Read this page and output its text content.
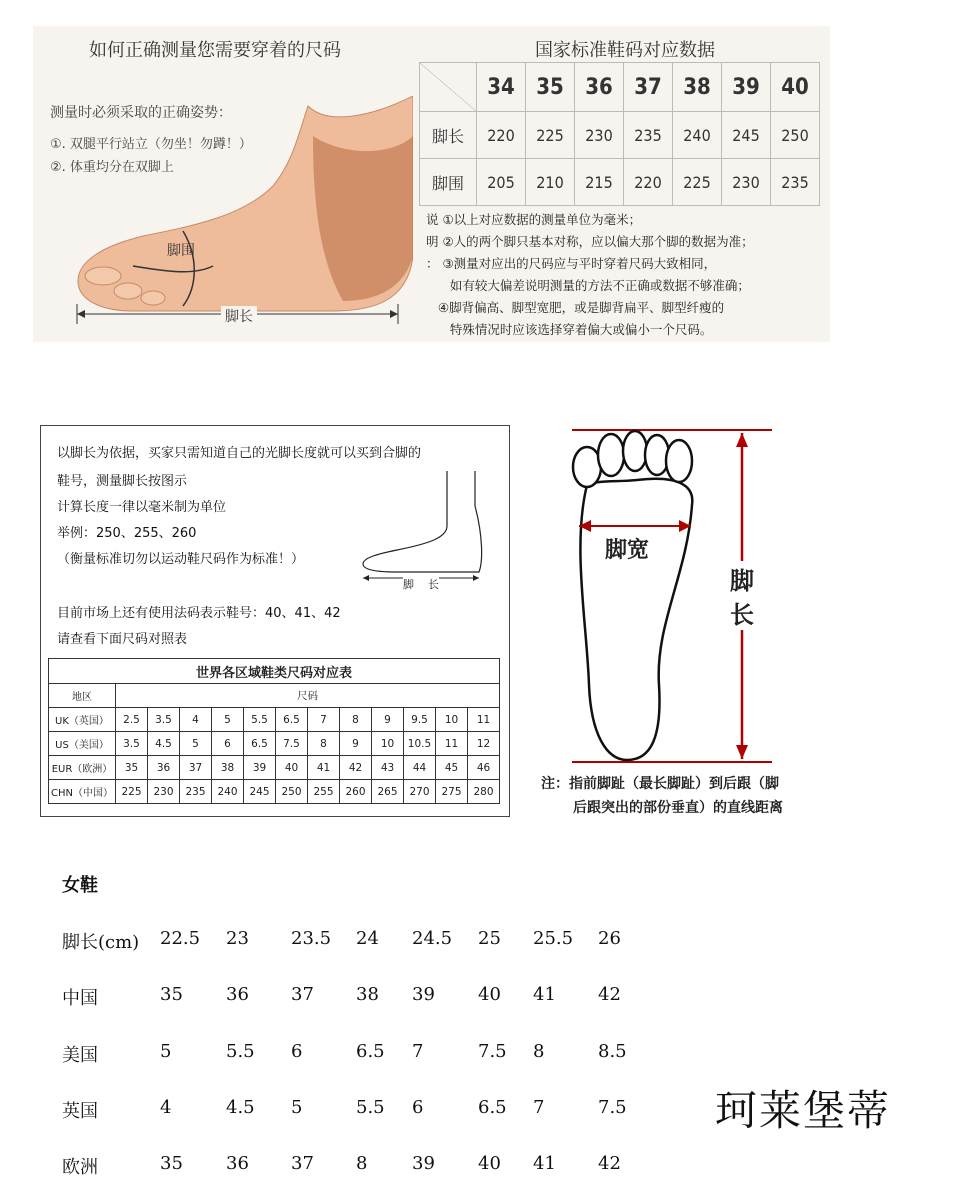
如何正确测量您需要穿着的尺码
测量时必须采取的正确姿势：
①. 双腿平行站立（勿坐！勿蹲！）
②. 体重均分在双脚上
脚围
脚长
国家标准鞋码对应数据
	34	35	36	37	38	39	40
脚长	220	225	230	235	240	245	250
脚围	205	210	215	220	225	230	235
说 ①以上对应数据的测量单位为毫米；
明 ②人的两个脚只基本对称，应以偏大那个脚的数据为准；
： ③测量对应出的尺码应与平时穿着尺码大致相同，
如有较大偏差说明测量的方法不正确或数据不够准确；
④脚背偏高、脚型宽肥，或是脚背扁平、脚型纤瘦的
特殊情况时应该选择穿着偏大或偏小一个尺码。
以脚长为依据，买家只需知道自己的光脚长度就可以买到合脚的
鞋号，测量脚长按图示
计算长度一律以毫米制为单位
举例：250、255、260
（衡量标准切勿以运动鞋尺码作为标准！）
目前市场上还有使用法码表示鞋号：40、41、42
请查看下面尺码对照表
脚    长
世界各区域鞋类尺码对应表												
地区	尺码											
UK（英国）	2.5	3.5	4	5	5.5	6.5	7	8	9	9.5	10	11
US（美国）	3.5	4.5	5	6	6.5	7.5	8	9	10	10.5	11	12
EUR（欧洲）	35	36	37	38	39	40	41	42	43	44	45	46
CHN（中国）	225	230	235	240	245	250	255	260	265	270	275	280
脚宽
脚
长
注：指前脚趾（最长脚趾）到后跟（脚
后跟突出的部份垂直）的直线距离
女鞋
脚长(cm) 22.5 23 23.5 24 24.5 25 25.5 26
中国	35 36 37 38 39 40 41 42
美国	5	5.5 6	6.5 7	7.5 8	8.5
英国	4	4.5 5	5.5 6	6.5 7	7.5
欧洲	35 36 37 8 39 40 41 42
珂莱堡蒂
